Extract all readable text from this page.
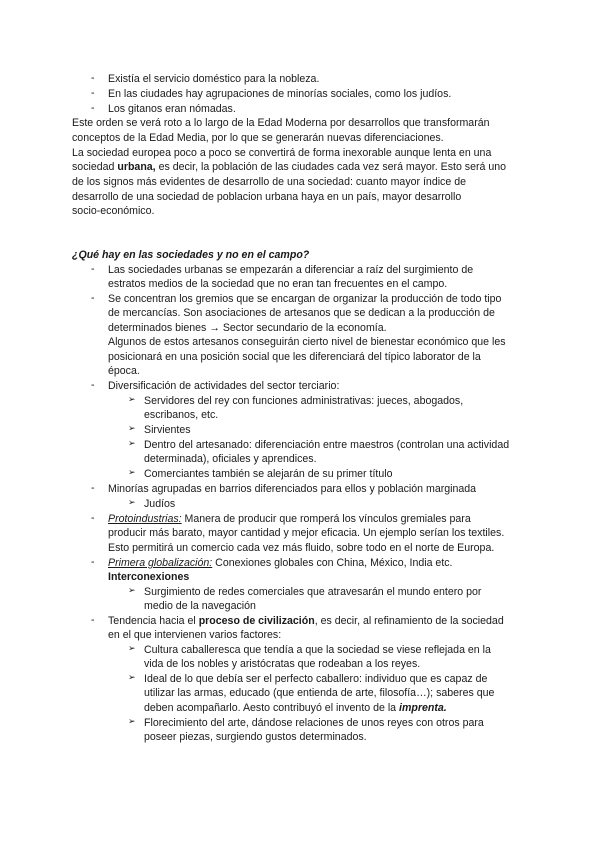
- Existía el servicio doméstico para la nobleza.
- En las ciudades hay agrupaciones de minorías sociales, como los judíos.
- Los gitanos eran nómadas.
Este orden se verá roto a lo largo de la Edad Moderna por desarrollos que transformarán
conceptos de la Edad Media, por lo que se generarán nuevas diferenciaciones.
La sociedad europea poco a poco se convertirá de forma inexorable aunque lenta en una
sociedad urbana, es decir, la población de las ciudades cada vez será mayor. Esto será uno
de los signos más evidentes de desarrollo de una sociedad: cuanto mayor índice de
desarrollo de una sociedad de poblacion urbana haya en un país, mayor desarrollo
socio-económico.
¿Qué hay en las sociedades y no en el campo?
- Las sociedades urbanas se empezarán a diferenciar a raíz del surgimiento de
estratos medios de la sociedad que no eran tan frecuentes en el campo.
- Se concentran los gremios que se encargan de organizar la producción de todo tipo
de mercancías. Son asociaciones de artesanos que se dedican a la producción de
determinados bienes → Sector secundario de la economía.
Algunos de estos artesanos conseguirán cierto nivel de bienestar económico que les
posicionará en una posición social que les diferenciará del típico laborator de la
época.
- Diversificación de actividades del sector terciario:
➢ Servidores del rey con funciones administrativas: jueces, abogados,
escribanos, etc.
➢ Sirvientes
➢ Dentro del artesanado: diferenciación entre maestros (controlan una actividad
determinada), oficiales y aprendices.
➢ Comerciantes también se alejarán de su primer título
- Minorías agrupadas en barrios diferenciados para ellos y población marginada
➢ Judíos
- Protoindustrias: Manera de producir que romperá los vínculos gremiales para
producir más barato, mayor cantidad y mejor eficacia. Un ejemplo serían los textiles.
Esto permitirá un comercio cada vez más fluido, sobre todo en el norte de Europa.
- Primera globalización: Conexiones globales con China, México, India etc.
Interconexiones
➢ Surgimiento de redes comerciales que atravesarán el mundo entero por
medio de la navegación
- Tendencia hacia el proceso de civilización, es decir, al refinamiento de la sociedad
en el que intervienen varios factores:
➢ Cultura caballeresca que tendía a que la sociedad se viese reflejada en la
vida de los nobles y aristócratas que rodeaban a los reyes.
➢ Ideal de lo que debía ser el perfecto caballero: individuo que es capaz de
utilizar las armas, educado (que entienda de arte, filosofía…); saberes que
deben acompañarlo. Aesto contribuyó el invento de la imprenta.
➢ Florecimiento del arte, dándose relaciones de unos reyes con otros para
poseer piezas, surgiendo gustos determinados.
